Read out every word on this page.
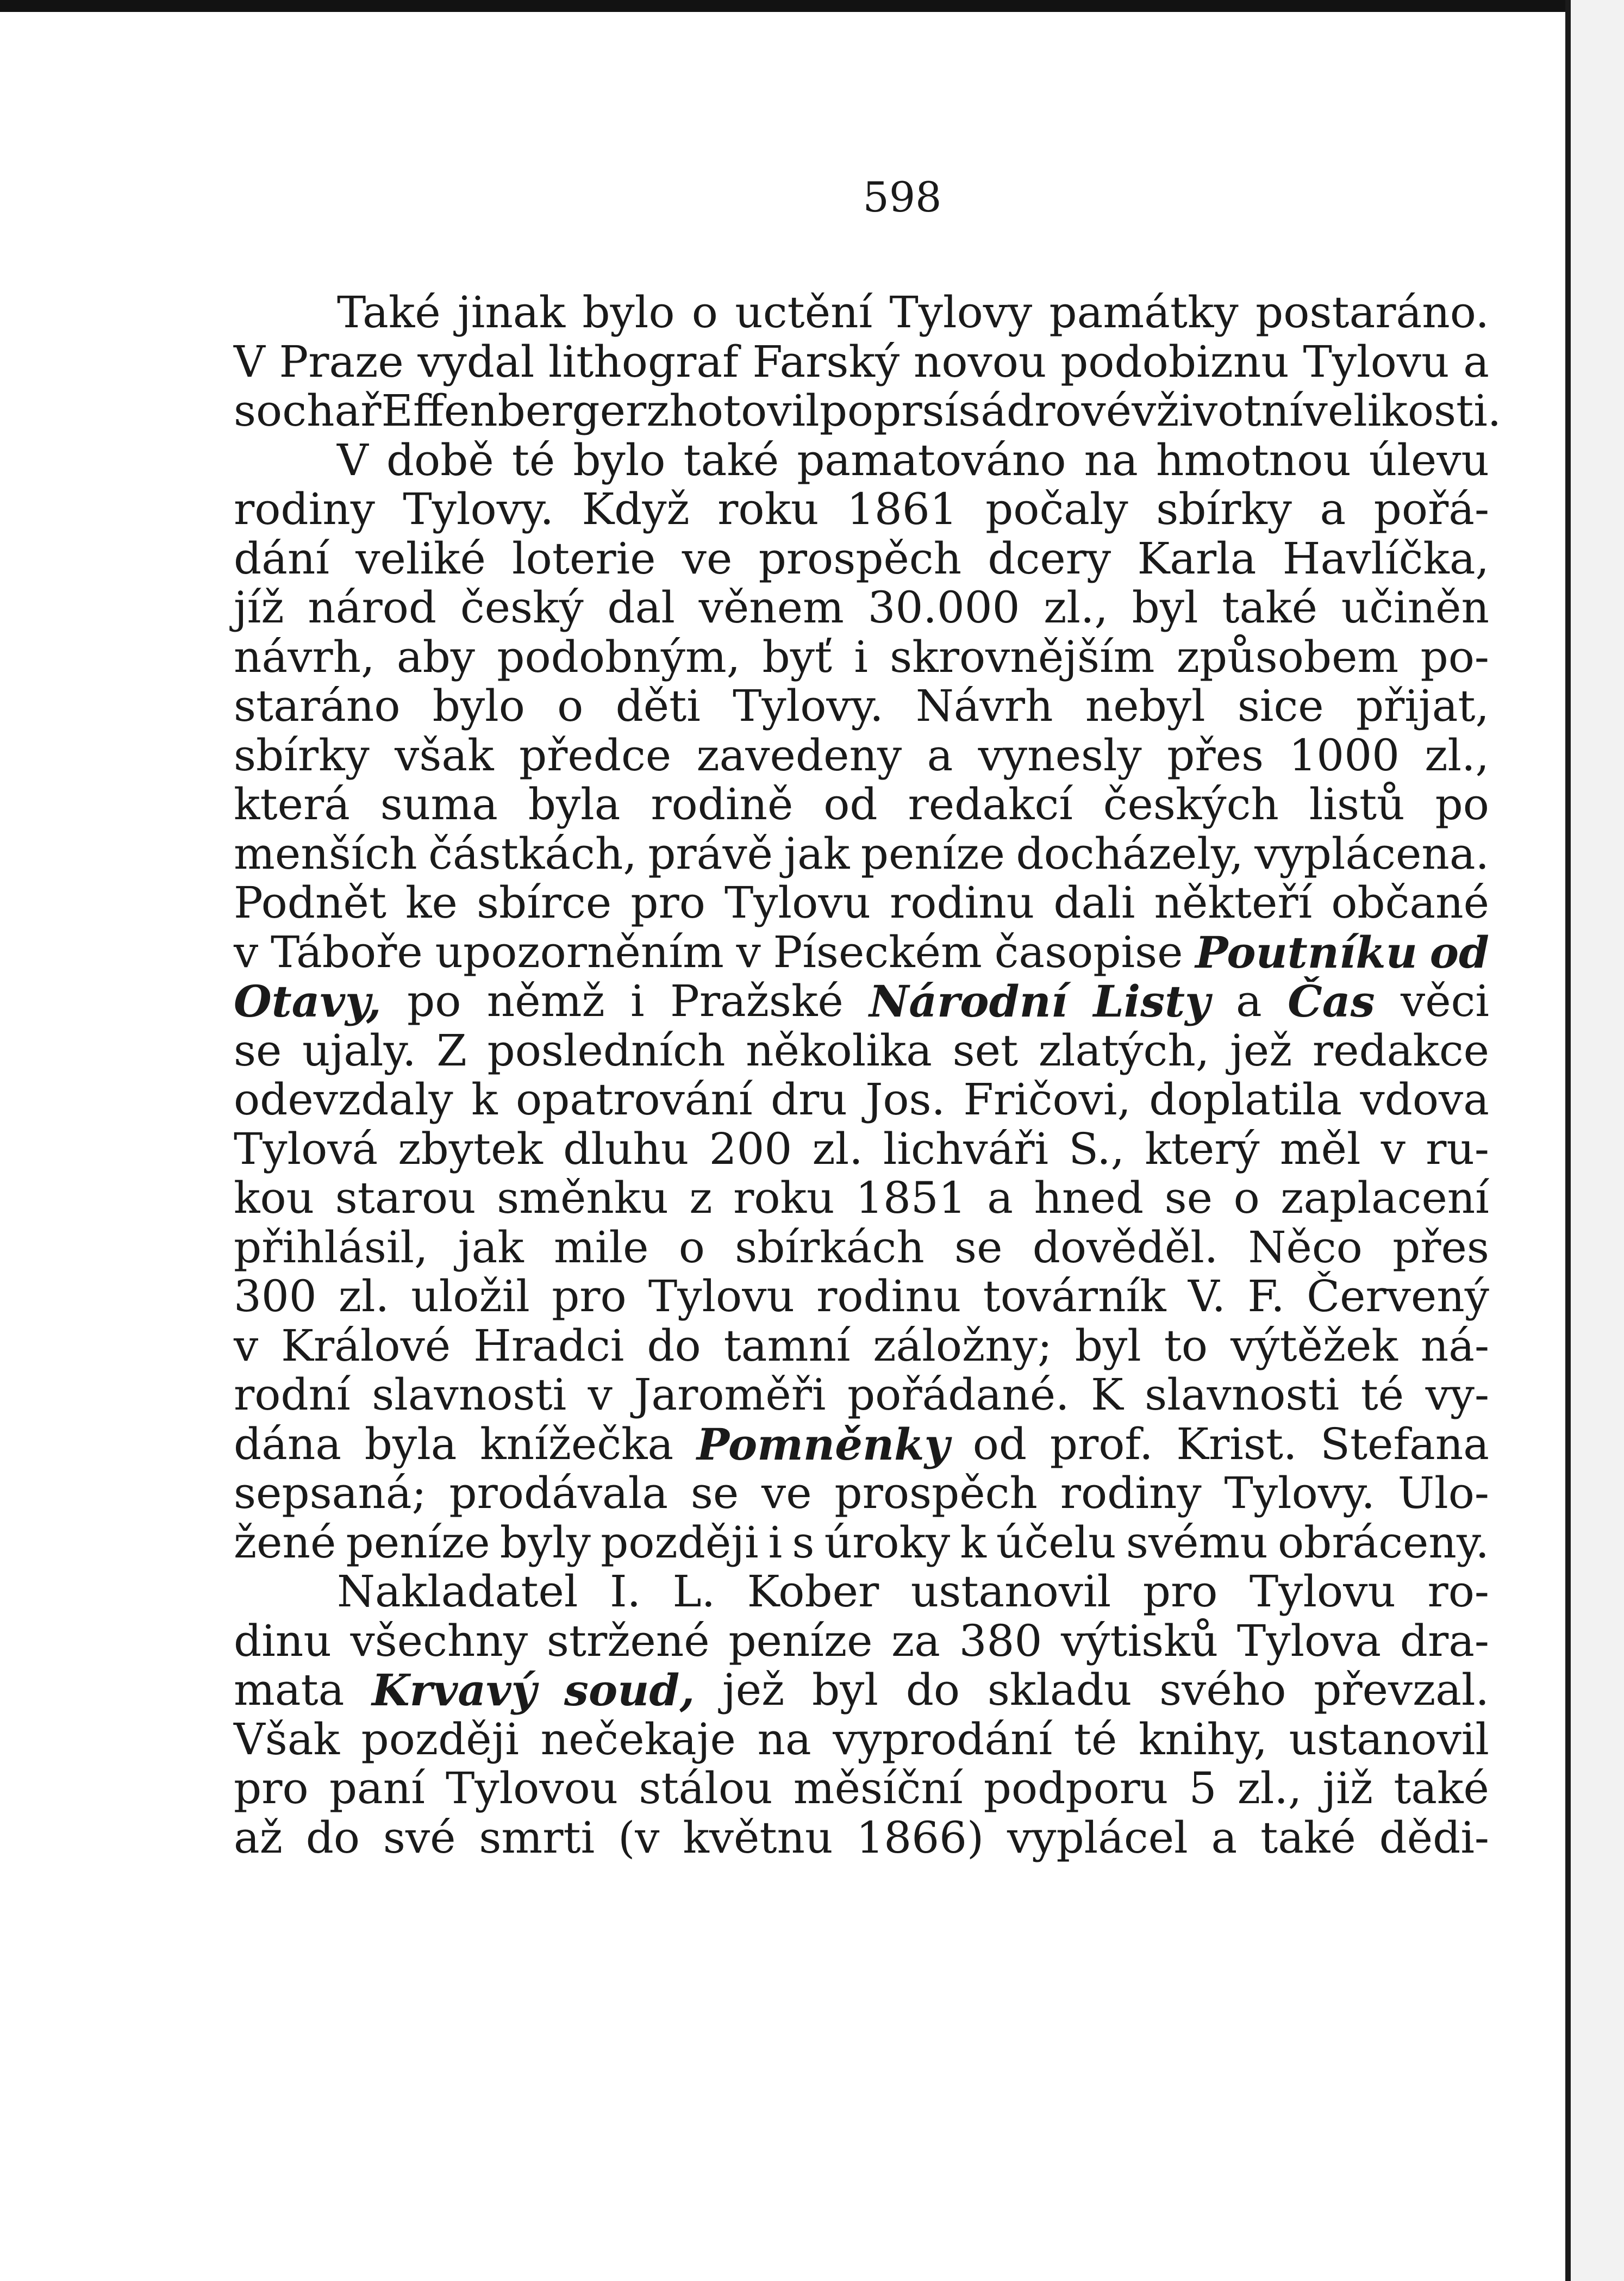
598
Také jinak bylo o uctění Tylovy památky postaráno.
V Praze vydal lithograf Farský novou podobiznu Tylovu a
sochař Effenberger zhotovil poprsí sádrové v životní velikosti.
V době té bylo také pamatováno na hmotnou úlevu
rodiny Tylovy. Když roku 1861 počaly sbírky a pořá-
dání veliké loterie ve prospěch dcery Karla Havlíčka,
jíž národ český dal věnem 30.000 zl., byl také učiněn
návrh, aby podobným, byť i skrovnějším způsobem po-
staráno bylo o děti Tylovy. Návrh nebyl sice přijat,
sbírky však předce zavedeny a vynesly přes 1000 zl.,
která suma byla rodině od redakcí českých listů po
menších částkách, právě jak peníze docházely, vyplácena.
Podnět ke sbírce pro Tylovu rodinu dali někteří občané
v Táboře upozorněním v Píseckém časopise Poutníku od
Otavy, po němž i Pražské Národní Listy a Čas věci
se ujaly. Z posledních několika set zlatých, jež redakce
odevzdaly k opatrování dru Jos. Fričovi, doplatila vdova
Tylová zbytek dluhu 200 zl. lichváři S., který měl v ru-
kou starou směnku z roku 1851 a hned se o zaplacení
přihlásil, jak mile o sbírkách se dověděl. Něco přes
300 zl. uložil pro Tylovu rodinu továrník V. F. Červený
v Králové Hradci do tamní záložny; byl to výtěžek ná-
rodní slavnosti v Jaroměři pořádané. K slavnosti té vy-
dána byla knížečka Pomněnky od prof. Krist. Stefana
sepsaná; prodávala se ve prospěch rodiny Tylovy. Ulo-
žené peníze byly později i s úroky k účelu svému obráceny.
Nakladatel I. L. Kober ustanovil pro Tylovu ro-
dinu všechny stržené peníze za 380 výtisků Tylova dra-
mata Krvavý soud, jež byl do skladu svého převzal.
Však později nečekaje na vyprodání té knihy, ustanovil
pro paní Tylovou stálou měsíční podporu 5 zl., již také
až do své smrti (v květnu 1866) vyplácel a také dědi-
